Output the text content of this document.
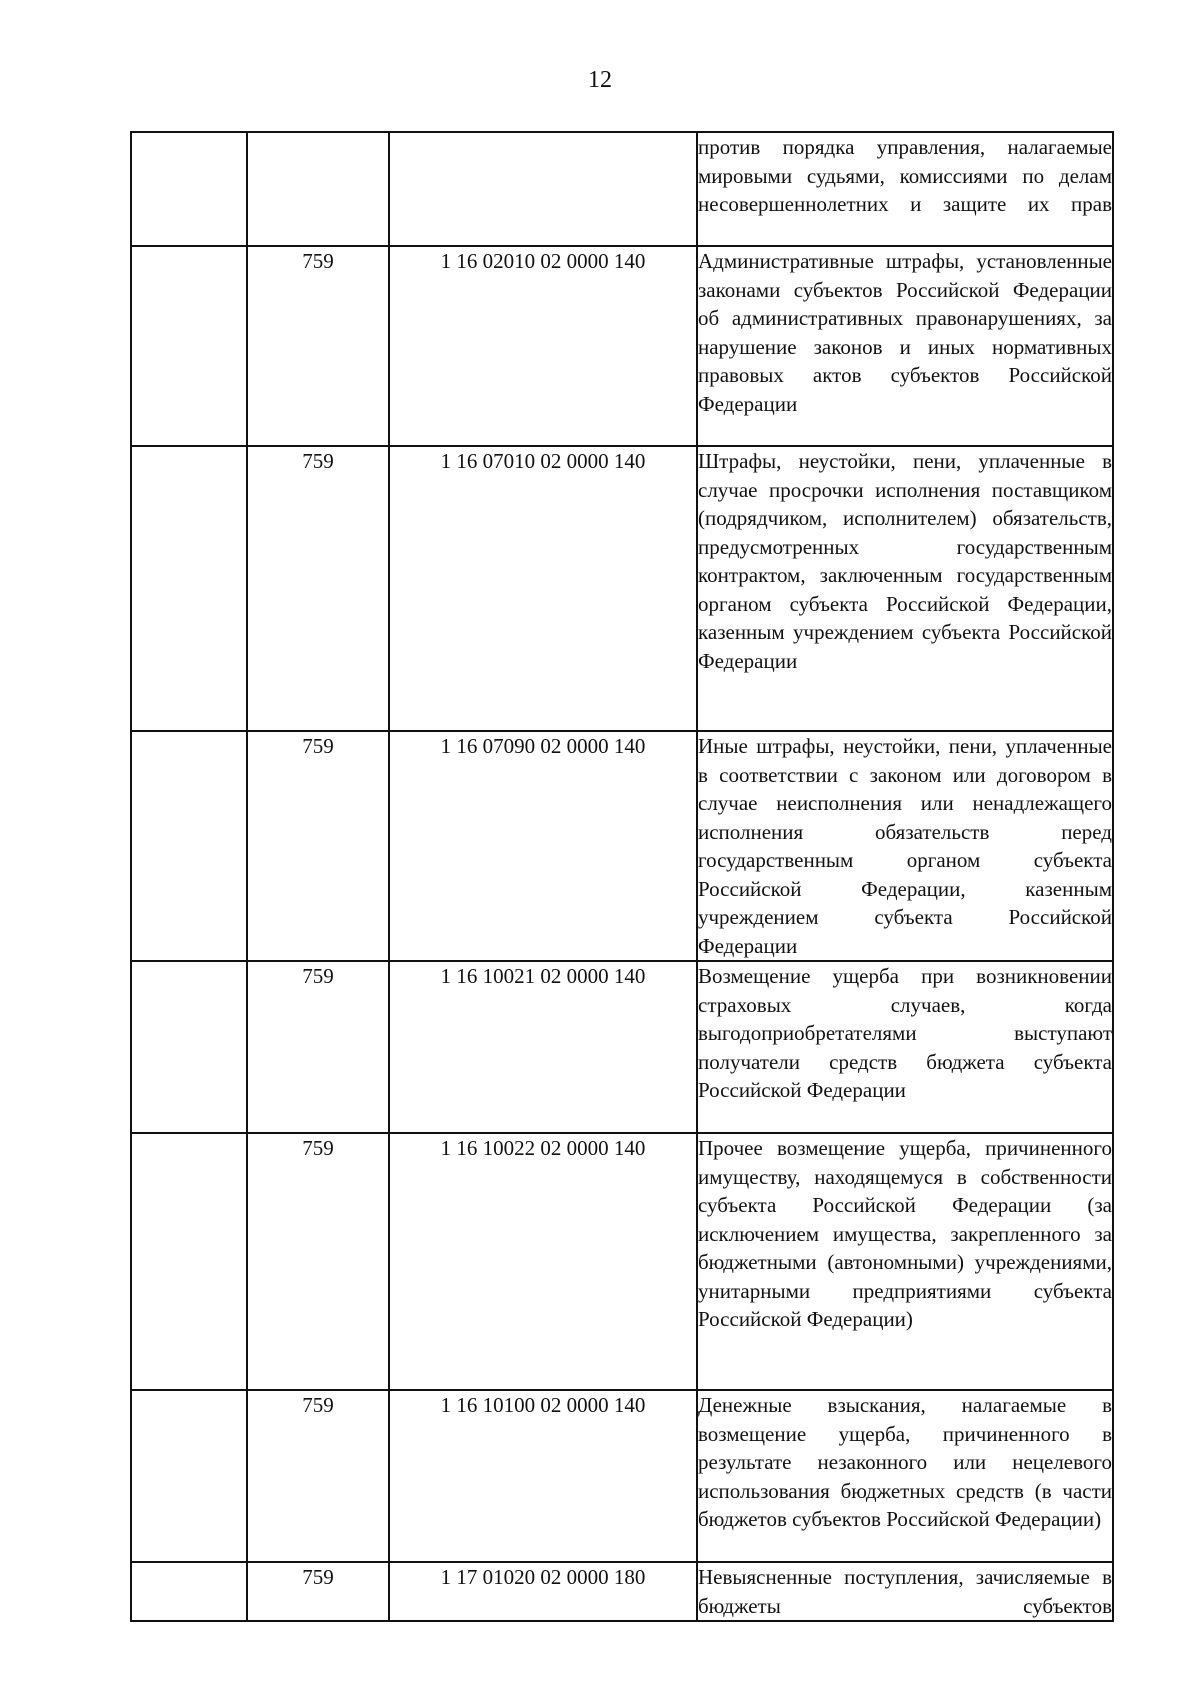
12
			против порядка управления, налагаемые мировыми судьями, комиссиями по делам несовершеннолетних и защите их прав
	759	1 16 02010 02 0000 140	Административные штрафы, установленные законами субъектов Российской Федерации об административных правонарушениях, за нарушение законов и иных нормативных правовых актов субъектов Российской Федерации
	759	1 16 07010 02 0000 140	Штрафы, неустойки, пени, уплаченные в случае просрочки исполнения поставщиком (подрядчиком, исполнителем) обязательств, предусмотренных государственным контрактом, заключенным государственным органом субъекта Российской Федерации, казенным учреждением субъекта Российской Федерации
	759	1 16 07090 02 0000 140	Иные штрафы, неустойки, пени, уплаченные в соответствии с законом или договором в случае неисполнения или ненадлежащего исполнения обязательств перед государственным органом субъекта Российской Федерации, казенным учреждением субъекта Российской Федерации
	759	1 16 10021 02 0000 140	Возмещение ущерба при возникновении страховых случаев, когда выгодоприобретателями выступают получатели средств бюджета субъекта Российской Федерации
	759	1 16 10022 02 0000 140	Прочее возмещение ущерба, причиненного имуществу, находящемуся в собственности субъекта Российской Федерации (за исключением имущества, закрепленного за бюджетными (автономными) учреждениями, унитарными предприятиями субъекта Российской Федерации)
	759	1 16 10100 02 0000 140	Денежные взыскания, налагаемые в возмещение ущерба, причиненного в результате незаконного или нецелевого использования бюджетных средств (в части бюджетов субъектов Российской Федерации)
	759	1 17 01020 02 0000 180	Невыясненные поступления, зачисляемые в бюджеты субъектов
